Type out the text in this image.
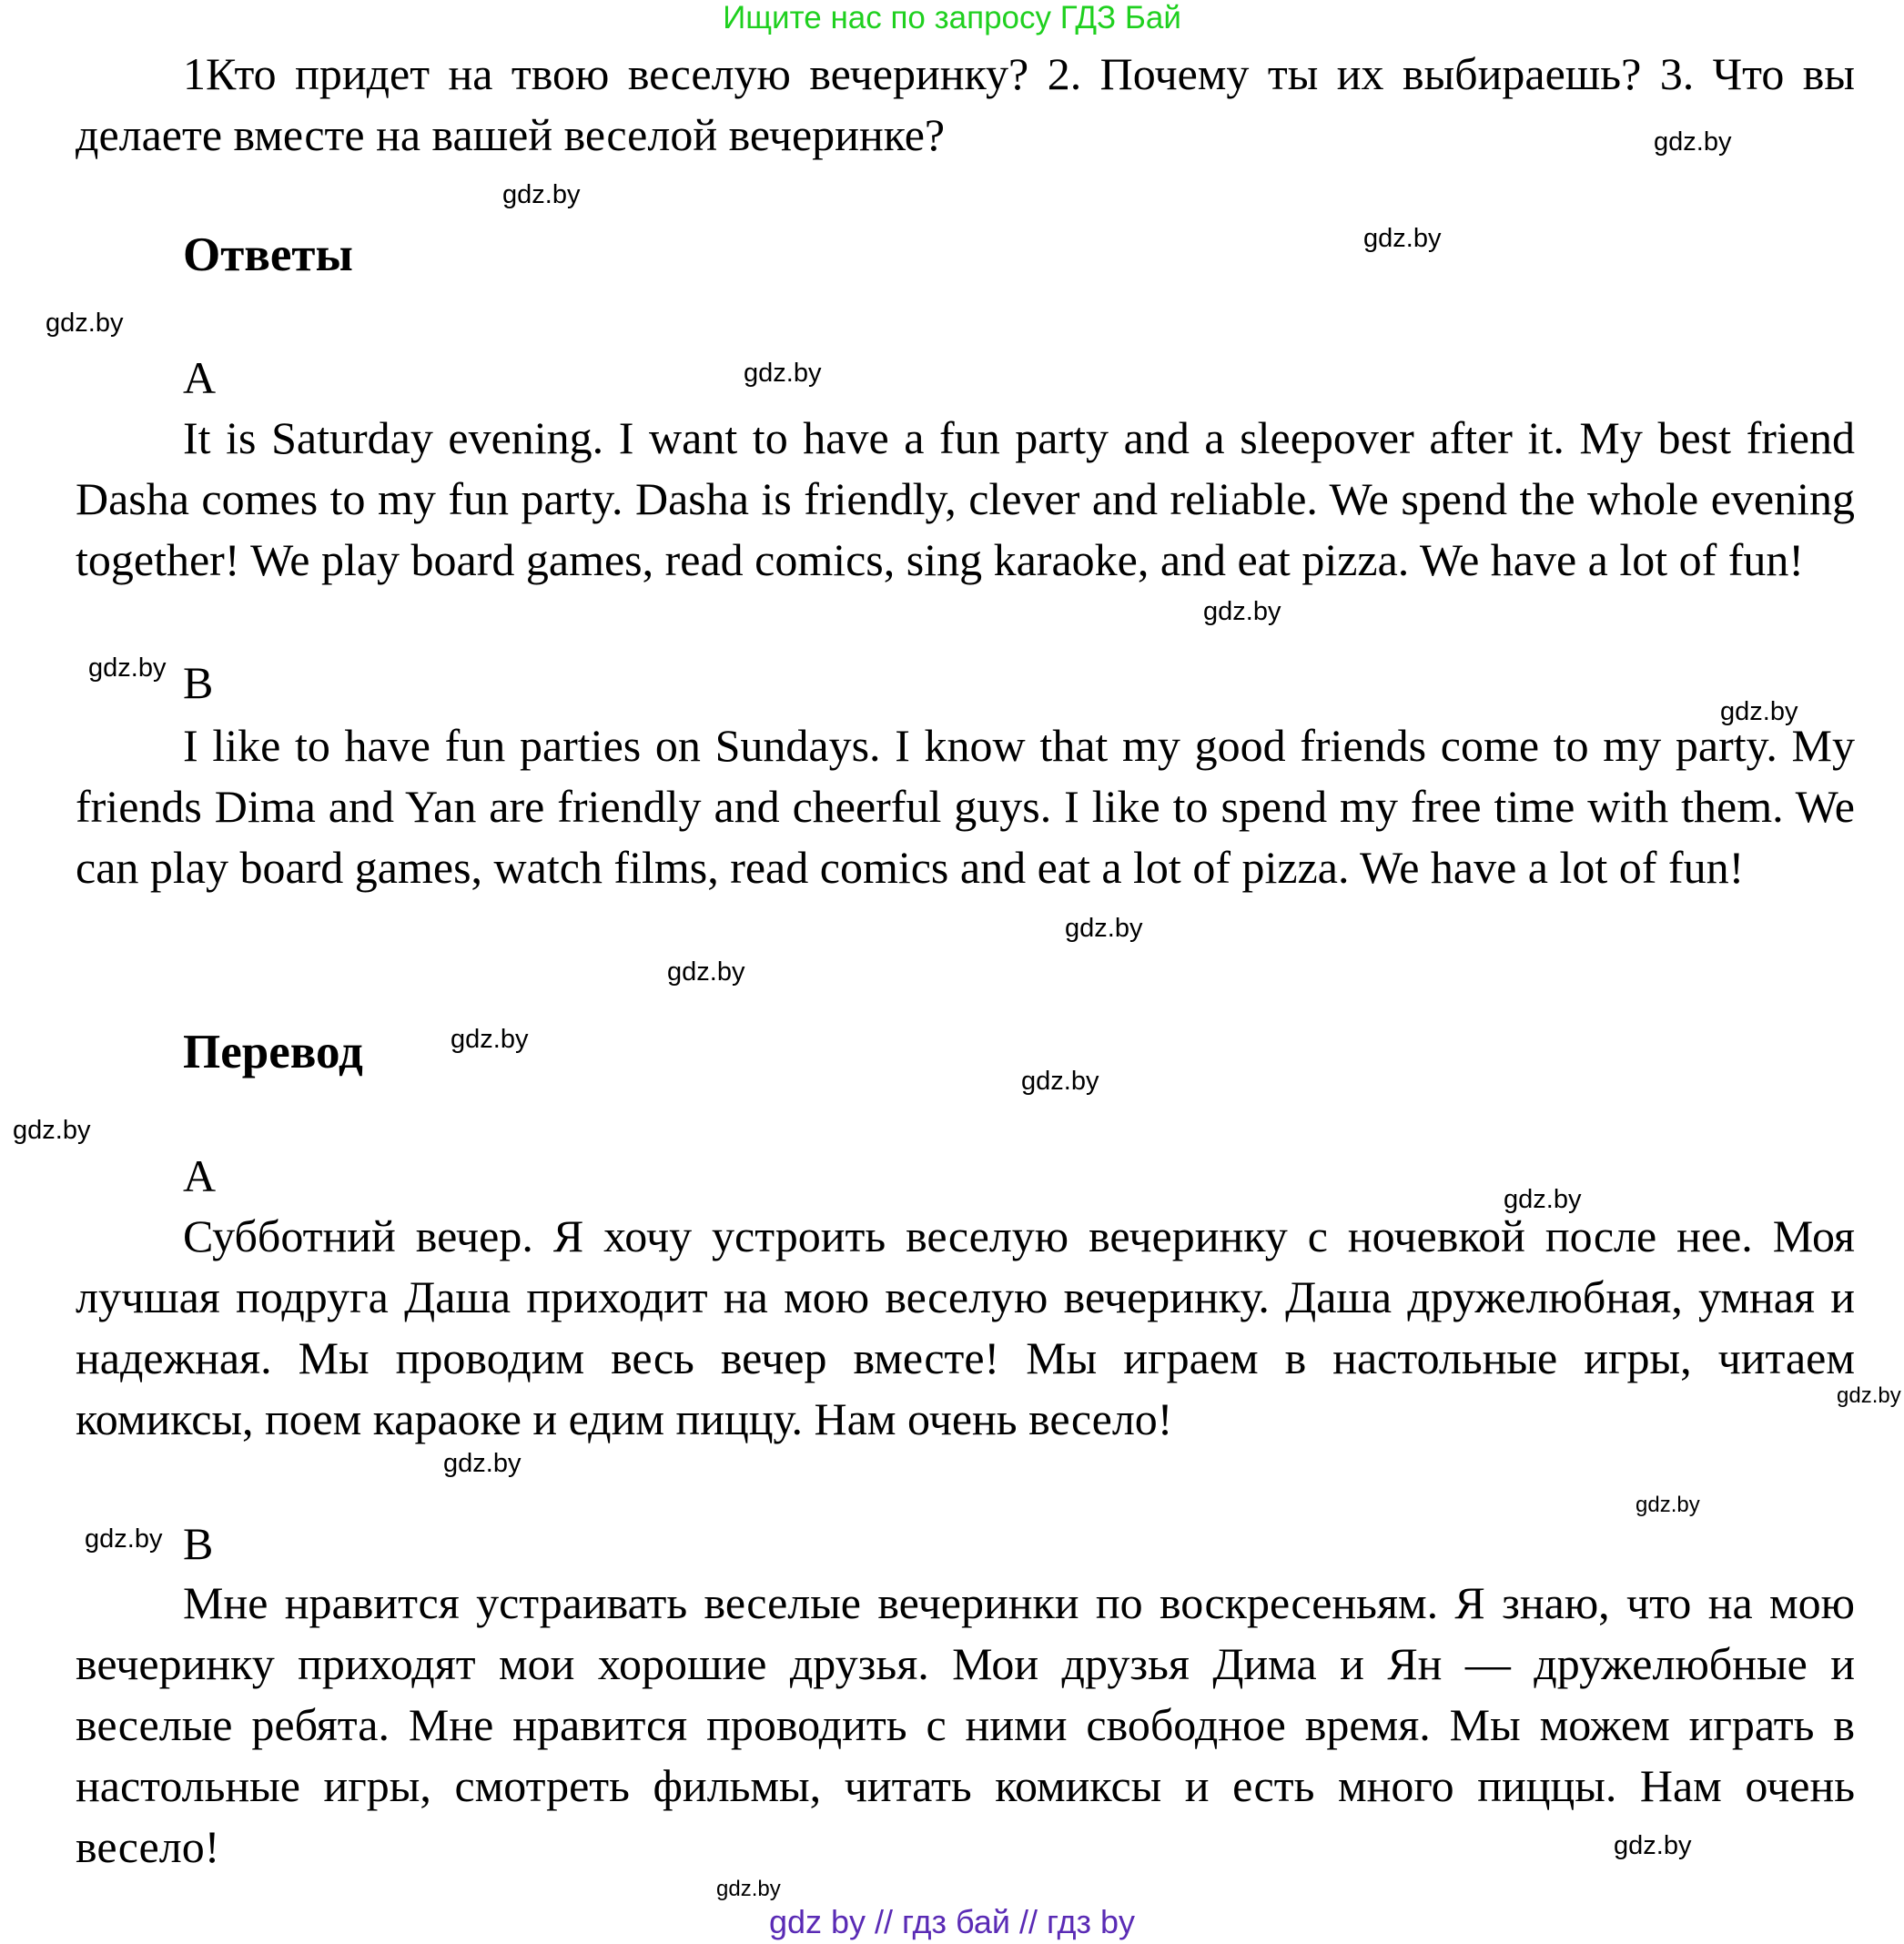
Ищите нас по запросу ГДЗ Бай

1Кто придет на твою веселую вечеринку? 2. Почему ты их выбираешь? 3. Что вы делаете вместе на вашей веселой вечеринке?

Ответы
A

It is Saturday evening. I want to have a fun party and a sleepover after it. My best friend Dasha comes to my fun party. Dasha is friendly, clever and reliable. We spend the whole evening together! We play board games, read comics, sing karaoke, and eat pizza. We have a lot of fun!

B

I like to have fun parties on Sundays. I know that my good friends come to my party. My friends Dima and Yan are friendly and cheerful guys. I like to spend my free time with them. We can play board games, watch films, read comics and eat a lot of pizza. We have a lot of fun!

Перевод
A

Субботний вечер. Я хочу устроить веселую вечеринку с ночевкой после нее. Моя лучшая подруга Даша приходит на мою веселую вечеринку. Даша дружелюбная, умная и надежная. Мы проводим весь вечер вместе! Мы играем в настольные игры, читаем комиксы, поем караоке и едим пиццу. Нам очень весело!

B

Мне нравится устраивать веселые вечеринки по воскресеньям. Я знаю, что на мою вечеринку приходят мои хорошие друзья. Мои друзья Дима и Ян — дружелюбные и веселые ребята. Мне нравится проводить с ними свободное время. Мы можем играть в настольные игры, смотреть фильмы, читать комиксы и есть много пиццы. Нам очень весело!

gdz.by
gdz.by
gdz.by
gdz.by
gdz.by
gdz.by
gdz.by
gdz.by
gdz.by
gdz.by
gdz.by
gdz.by
gdz.by
gdz.by
gdz.by
gdz.by
gdz.by
gdz.by
gdz.by
gdz.by
gdz by // гдз бай // гдз by
